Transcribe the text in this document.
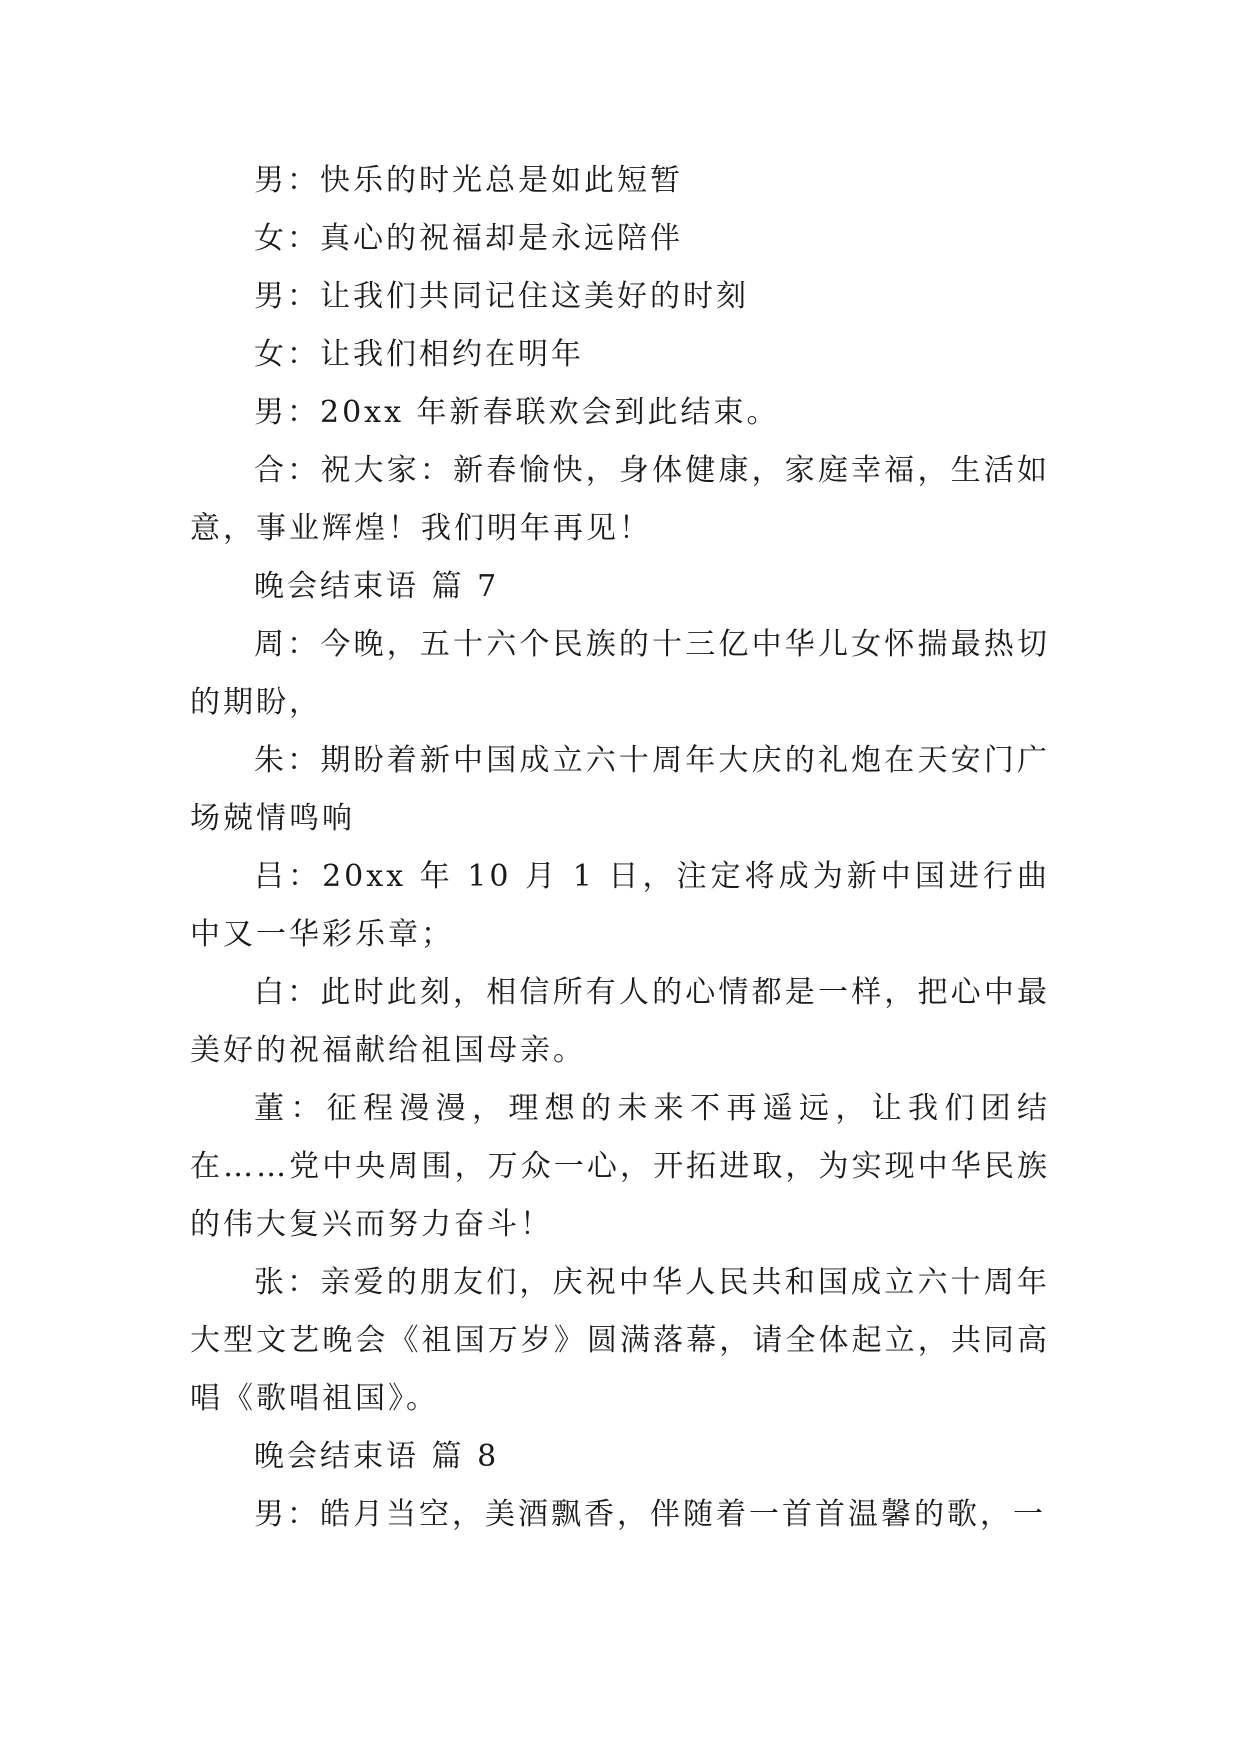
男：快乐的时光总是如此短暂

女：真心的祝福却是永远陪伴

男：让我们共同记住这美好的时刻

女：让我们相约在明年

男：20xx 年新春联欢会到此结束。

合：祝大家：新春愉快，身体健康，家庭幸福，生活如意，事业辉煌！我们明年再见！

晚会结束语 篇 7

周：今晚，五十六个民族的十三亿中华儿女怀揣最热切的期盼，

朱：期盼着新中国成立六十周年大庆的礼炮在天安门广场兢情鸣响

吕：20xx 年 10 月 1 日，注定将成为新中国进行曲中又一华彩乐章；

白：此时此刻，相信所有人的心情都是一样，把心中最美好的祝福献给祖国母亲。

董：征程漫漫，理想的未来不再遥远，让我们团结在……党中央周围，万众一心，开拓进取，为实现中华民族的伟大复兴而努力奋斗！

张：亲爱的朋友们，庆祝中华人民共和国成立六十周年大型文艺晚会《祖国万岁》圆满落幕，请全体起立，共同高唱《歌唱祖国》。

晚会结束语 篇 8

男：皓月当空，美酒飘香，伴随着一首首温馨的歌，一
